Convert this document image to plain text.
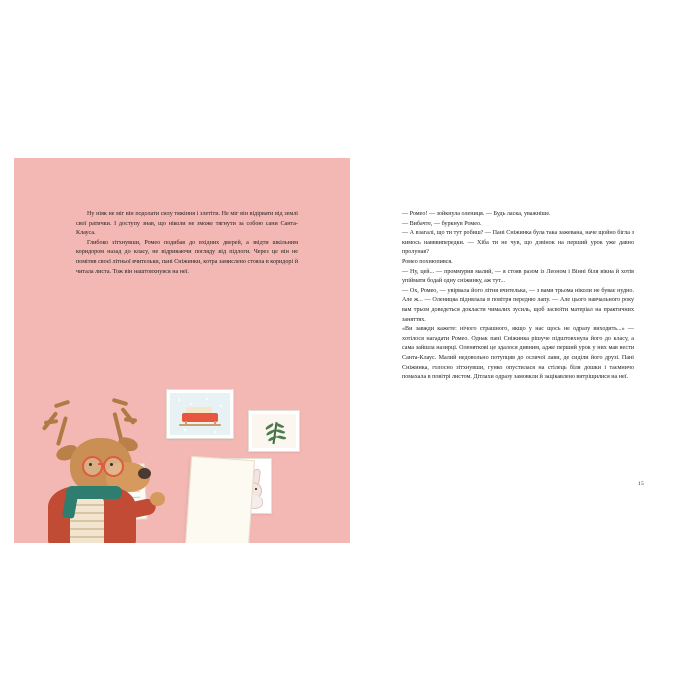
Ну ніяк не міг він подолати силу тяжіння і злетіти. Не міг він відірвати від землі свої ратички. І доступу знав, що ніколи не зможе тягнути за собою сани Санта-Клауса.

Глибоко зітхнувши, Ромео подибав до вхідних дверей, а звідти шкільним коридором назад до класу, не відриваючи погляду від підлоги. Через це він не помітив своєї літньої вчительки, пані Сніжинки, котра замислено стояла в коридорі й читала листа. Тож він наштовхнувся на неї.

— Ромео! — зойкнула олениця. — Будь ласка, уважніше.

— Вибачте, — буркнув Ромео.

— А взагалі, що ти тут робиш? — Пані Сніжинка була така зажевана, наче щойно бігла з кимось навввипередки. — Хіба ти не чув, що дзвінок на перший урок уже давно пролунав?

Ромео похнюпився.

— Ну, цей... — проммурив малий, — я стояв разом із Леоном і Вінні біля вікна й хотів упіймати бодай одну сніжинку, аж тут...

— Ох, Ромео, — увірвала його літня вчителька, — з вами трьома ніколи не буває нудно. Але ж... — Оленицяа піднялала в повітря передню лапу. — Але цього навчального року вам трьом доведеться докласти чималих зусиль, щоб засвоїти матеріал на практичних заняттях.

«Ви завжди кажете: нічого страшного, якщо у нас щось не одразу виходить...» — хотілося нагадати Ромео. Однак пані Сніжинка рішуче підштовхнула його до класу, а сама зайшла назирці. Оленяткові це здалося дивним, адже перший урок у них мав вести Санта-Клаус. Малий недовольно потупцяв до ослячої лави, де сиділи його друзі. Пані Сніжинка, голосно зітхнувши, гунко опустилася на стілець біля дошки і таємничо помахала в повітрі листом. Дітлахи одразу замовкли й зацікавлено витріщилися на неї.

15
